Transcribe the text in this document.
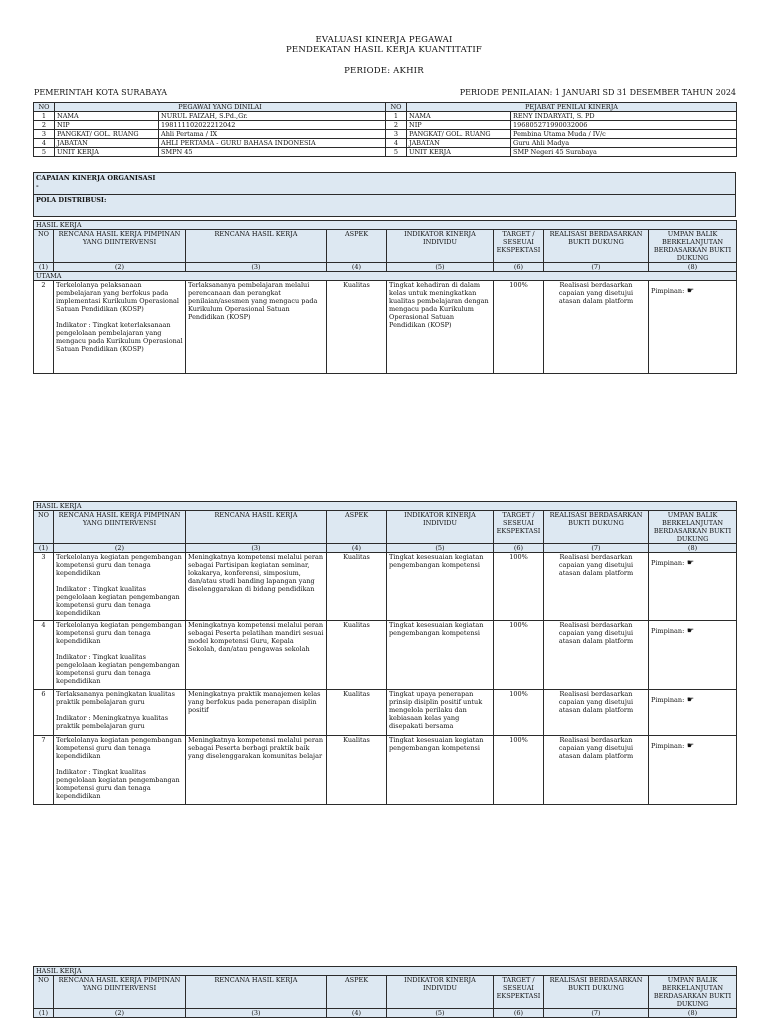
EVALUASI KINERJA PEGAWAI
PENDEKATAN HASIL KERJA KUANTITATIF
PERIODE: AKHIR
PEMERINTAH KOTA SURABAYA	PERIODE PENILAIAN: 1 JANUARI SD 31 DESEMBER TAHUN 2024
NO	PEGAWAI YANG DINILAI		NO	PEJABAT PENILAI KINERJA	
1	NAMA	NURUL FAIZAH, S.Pd.,Gr.	1	NAMA	RENY INDARYATI, S. PD
2	NIP	198111102022212042	2	NIP	196805271990032006
3	PANGKAT/ GOL. RUANG	Ahli Pertama / IX	3	PANGKAT/ GOL. RUANG	Pembina Utama Muda / IV/c
4	JABATAN	AHLI PERTAMA - GURU BAHASA INDONESIA	4	JABATAN	Guru Ahli Madya
5	UNIT KERJA	SMPN 45	5	UNIT KERJA	SMP Negeri 45 Surabaya
CAPAIAN KINERJA ORGANISASI
-
POLA DISTRIBUSI:
HASIL KERJA							
NO	RENCANA HASIL KERJA PIMPINAN YANG DIINTERVENSI	RENCANA HASIL KERJA	ASPEK	INDIKATOR KINERJA INDIVIDU	TARGET / SESEUAI EKSPEKTASI	REALISASI BERDASARKAN BUKTI DUKUNG	UMPAN BALIK BERKELANJUTAN BERDASARKAN BUKTI DUKUNG
(1)	(2)	(3)	(4)	(5)	(6)	(7)	(8)
UTAMA							
2	Terkelolanya pelaksanaan pembelajaran yang berfokus pada implementasi Kurikulum Operasional Satuan Pendidikan (KOSP)

Indikator : Tingkat keterlaksanaan pengelolaan pembelajaran yang mengacu pada Kurikulum Operasional Satuan Pendidikan (KOSP)	Terlaksananya pembelajaran melalui perencanaan dan perangkat penilaian/asesmen yang mengacu pada Kurikulum Operasional Satuan Pendidikan (KOSP)	Kualitas	Tingkat kehadiran di dalam kelas untuk meningkatkan kualitas pembelajaran dengan mengacu pada Kurikulum Operasional Satuan Pendidikan (KOSP)	100%	Realisasi berdasarkan capaian yang disetujui atasan dalam platform	Pimpinan: ☛
HASIL KERJA							
NO	RENCANA HASIL KERJA PIMPINAN YANG DIINTERVENSI	RENCANA HASIL KERJA	ASPEK	INDIKATOR KINERJA INDIVIDU	TARGET / SESEUAI EKSPEKTASI	REALISASI BERDASARKAN BUKTI DUKUNG	UMPAN BALIK BERKELANJUTAN BERDASARKAN BUKTI DUKUNG
(1)	(2)	(3)	(4)	(5)	(6)	(7)	(8)
3	Terkelolanya kegiatan pengembangan kompetensi guru dan tenaga kependidikan

Indikator : Tingkat kualitas pengelolaan kegiatan pengembangan kompetensi guru dan tenaga kependidikan	Meningkatnya kompetensi melalui peran sebagai Partisipan kegiatan seminar, lokakarya, konferensi, simposium, dan/atau studi banding lapangan yang diselenggarakan di bidang pendidikan	Kualitas	Tingkat kesesuaian kegiatan pengembangan kompetensi	100%	Realisasi berdasarkan capaian yang disetujui atasan dalam platform	Pimpinan: ☛
4	Terkelolanya kegiatan pengembangan kompetensi guru dan tenaga kependidikan

Indikator : Tingkat kualitas pengelolaan kegiatan pengembangan kompetensi guru dan tenaga kependidikan	Meningkatnya kompetensi melalui peran sebagai Peserta pelatihan mandiri sesuai model kompetensi Guru, Kepala Sekolah, dan/atau pengawas sekolah	Kualitas	Tingkat kesesuaian kegiatan pengembangan kompetensi	100%	Realisasi berdasarkan capaian yang disetujui atasan dalam platform	Pimpinan: ☛
6	Terlaksananya peningkatan kualitas praktik pembelajaran guru

Indikator : Meningkatnya kualitas praktik pembelajaran guru	Meningkatnya praktik manajemen kelas yang berfokus pada penerapan disiplin positif	Kualitas	Tingkat upaya penerapan prinsip disiplin positif untuk mengelola perilaku dan kebiasaan kelas yang disepakati bersama	100%	Realisasi berdasarkan capaian yang disetujui atasan dalam platform	Pimpinan: ☛
7	Terkelolanya kegiatan pengembangan kompetensi guru dan tenaga kependidikan

Indikator : Tingkat kualitas pengelolaan kegiatan pengembangan kompetensi guru dan tenaga kependidikan	Meningkatnya kompetensi melalui peran sebagai Peserta berbagi praktik baik yang diselenggarakan komunitas belajar	Kualitas	Tingkat kesesuaian kegiatan pengembangan kompetensi	100%	Realisasi berdasarkan capaian yang disetujui atasan dalam platform	Pimpinan: ☛
HASIL KERJA							
NO	RENCANA HASIL KERJA PIMPINAN YANG DIINTERVENSI	RENCANA HASIL KERJA	ASPEK	INDIKATOR KINERJA INDIVIDU	TARGET / SESEUAI EKSPEKTASI	REALISASI BERDASARKAN BUKTI DUKUNG	UMPAN BALIK BERKELANJUTAN BERDASARKAN BUKTI DUKUNG
(1)	(2)	(3)	(4)	(5)	(6)	(7)	(8)
